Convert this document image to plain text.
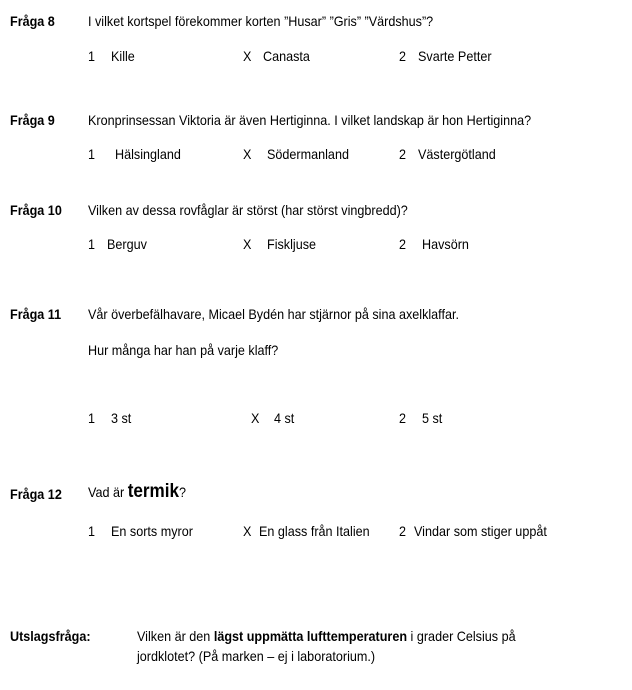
Fråga 8 I vilket kortspel förekommer korten ”Husar” ”Gris” ”Värdshus”?
1 Kille	X Canasta	2 Svarte Petter
Fråga 9 Kronprinsessan Viktoria är även Hertiginna. I vilket landskap är hon Hertiginna?
1 Hälsingland	X Södermanland	2 Västergötland
Fråga 10 Vilken av dessa rovfåglar är störst (har störst vingbredd)?
1 Berguv	X Fiskljuse	2 Havsörn
Fråga 11 Vår överbefälhavare, Micael Bydén har stjärnor på sina axelklaffar.
Hur många har han på varje klaff?
1 3 st	X 4 st	2 5 st
Fråga 12 Vad är termik?
1 En sorts myror	X En glass från Italien 2 Vindar som stiger uppåt
Utslagsfråga:	Vilken är den lägst uppmätta lufttemperaturen i grader Celsius på
jordklotet? (På marken – ej i laboratorium.)
